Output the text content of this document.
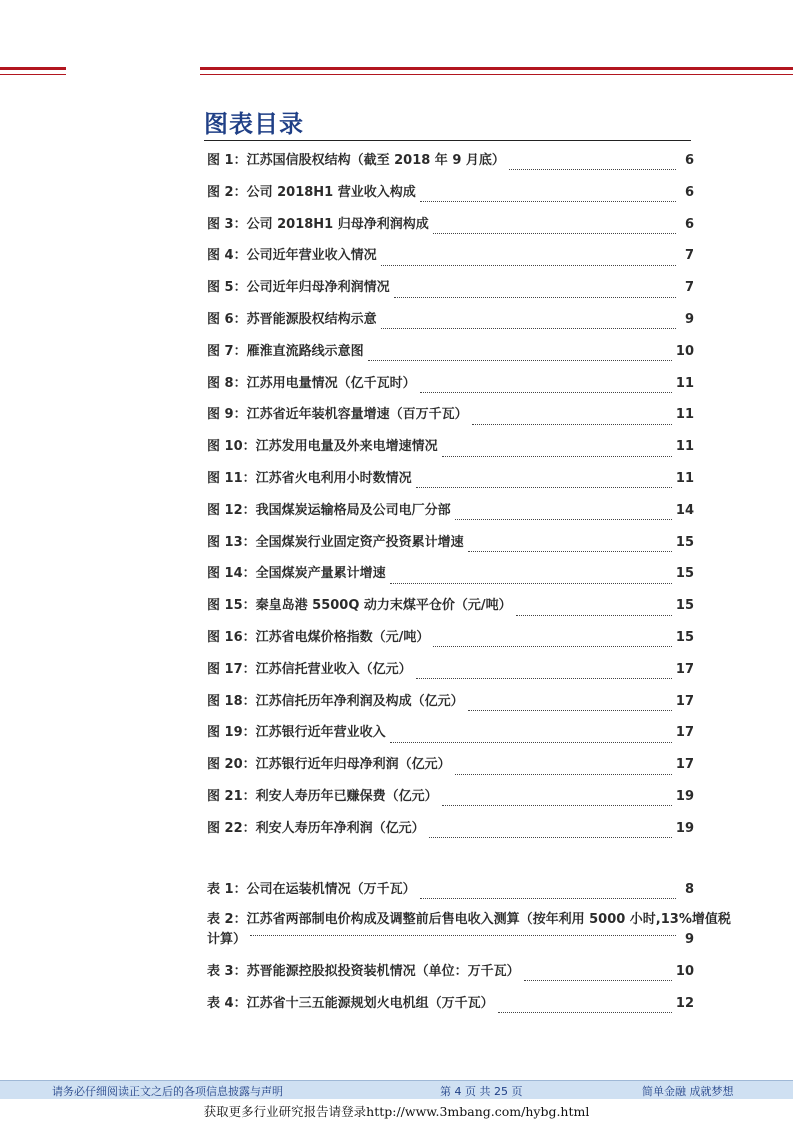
图表目录
图 1：江苏国信股权结构（截至 2018 年 9 月底）	6
图 2：公司 2018H1 营业收入构成	6
图 3：公司 2018H1 归母净利润构成	6
图 4：公司近年营业收入情况	7
图 5：公司近年归母净利润情况	7
图 6：苏晋能源股权结构示意	9
图 7：雁淮直流路线示意图	10
图 8：江苏用电量情况（亿千瓦时）	11
图 9：江苏省近年装机容量增速（百万千瓦）	11
图 10：江苏发用电量及外来电增速情况	11
图 11：江苏省火电利用小时数情况	11
图 12：我国煤炭运输格局及公司电厂分部	14
图 13：全国煤炭行业固定资产投资累计增速	15
图 14：全国煤炭产量累计增速	15
图 15：秦皇岛港 5500Q 动力末煤平仓价（元/吨）	15
图 16：江苏省电煤价格指数（元/吨）	15
图 17：江苏信托营业收入（亿元）	17
图 18：江苏信托历年净利润及构成（亿元）	17
图 19：江苏银行近年营业收入	17
图 20：江苏银行近年归母净利润（亿元）	17
图 21：利安人寿历年已赚保费（亿元）	19
图 22：利安人寿历年净利润（亿元）	19
表 1：公司在运装机情况（万千瓦）	8
表 2：江苏省两部制电价构成及调整前后售电收入测算（按年利用 5000 小时,13%增值税
计算）	9
表 3：苏晋能源控股拟投资装机情况（单位：万千瓦）	10
表 4：江苏省十三五能源规划火电机组（万千瓦）	12
请务必仔细阅读正文之后的各项信息披露与声明	第 4 页 共 25 页	简单金融 成就梦想
获取更多行业研究报告请登录http://www.3mbang.com/hybg.html
